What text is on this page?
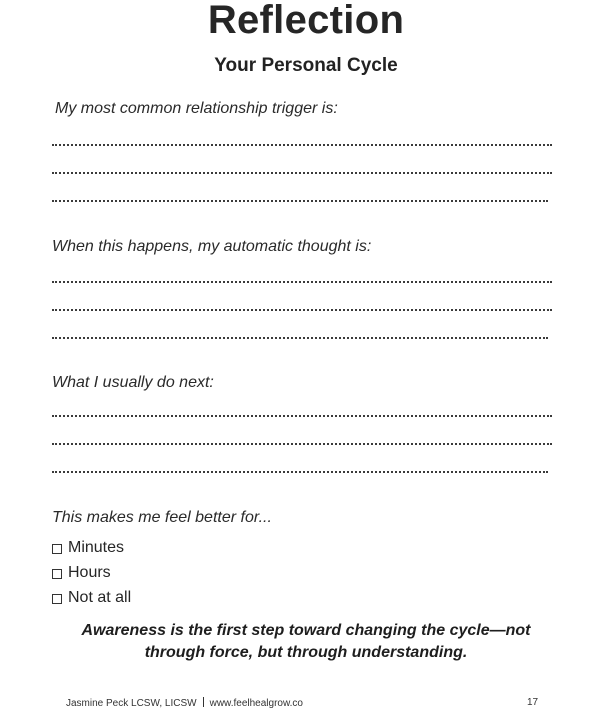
Reflection
Your Personal Cycle
My most common relationship trigger is:
When this happens, my automatic thought is:
What I usually do next:
This makes me feel better for...
Minutes
Hours
Not at all
Awareness is the first step toward changing the cycle—not
through force, but through understanding.
Jasmine Peck LCSW, LICSW www.feelhealgrow.co	17
